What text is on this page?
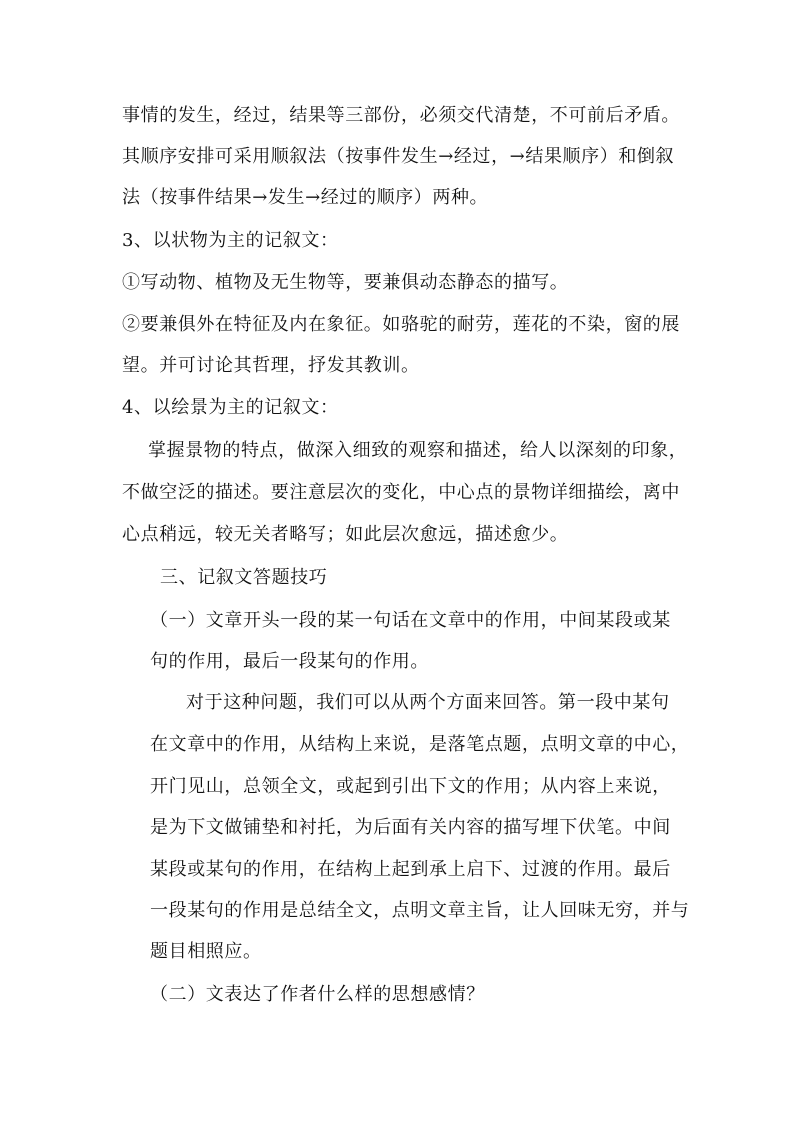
事情的发生，经过，结果等三部份，必须交代清楚，不可前后矛盾。
其顺序安排可采用顺叙法（按事件发生→经过，→结果顺序）和倒叙
法（按事件结果→发生→经过的顺序）两种。
3、以状物为主的记叙文：
①写动物、植物及无生物等，要兼俱动态静态的描写。
②要兼俱外在特征及内在象征。如骆驼的耐劳，莲花的不染，窗的展
望。并可讨论其哲理，抒发其教训。
4、以绘景为主的记叙文：
掌握景物的特点，做深入细致的观察和描述，给人以深刻的印象，
不做空泛的描述。要注意层次的变化，中心点的景物详细描绘，离中
心点稍远，较无关者略写；如此层次愈远，描述愈少。
三、记叙文答题技巧
（一）文章开头一段的某一句话在文章中的作用，中间某段或某
句的作用，最后一段某句的作用。
对于这种问题，我们可以从两个方面来回答。第一段中某句
在文章中的作用，从结构上来说，是落笔点题，点明文章的中心，
开门见山，总领全文，或起到引出下文的作用；从内容上来说，
是为下文做铺垫和衬托，为后面有关内容的描写埋下伏笔。中间
某段或某句的作用，在结构上起到承上启下、过渡的作用。最后
一段某句的作用是总结全文，点明文章主旨，让人回味无穷，并与
题目相照应。
（二）文表达了作者什么样的思想感情？
